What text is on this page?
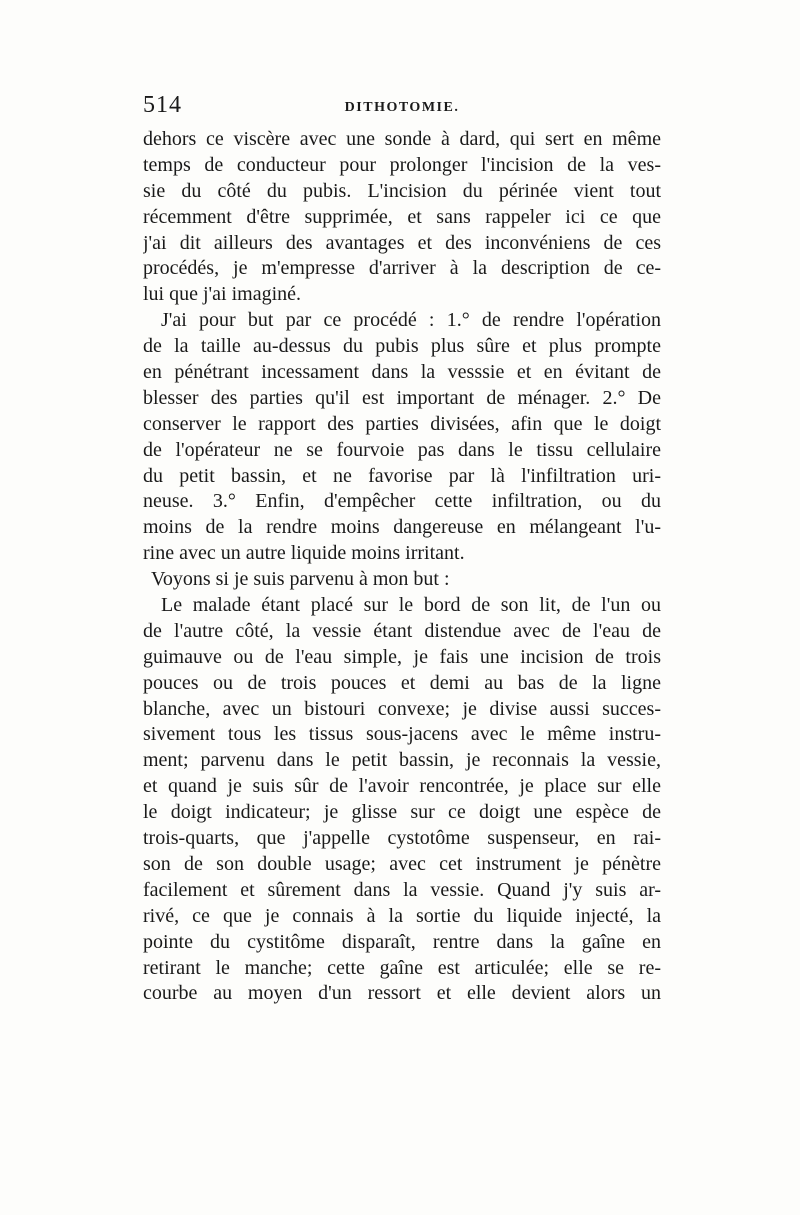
514	DITHOTOMIE.
dehors ce viscère avec une sonde à dard, qui sert en même
temps de conducteur pour prolonger l'incision de la ves-
sie du côté du pubis. L'incision du périnée vient tout
récemment d'être supprimée, et sans rappeler ici ce que
j'ai dit ailleurs des avantages et des inconvéniens de ces
procédés, je m'empresse d'arriver à la description de ce-
lui que j'ai imaginé.
J'ai pour but par ce procédé : 1.° de rendre l'opération
de la taille au-dessus du pubis plus sûre et plus prompte
en pénétrant incessament dans la vesssie et en évitant de
blesser des parties qu'il est important de ménager. 2.° De
conserver le rapport des parties divisées, afin que le doigt
de l'opérateur ne se fourvoie pas dans le tissu cellulaire
du petit bassin, et ne favorise par là l'infiltration uri-
neuse. 3.° Enfin, d'empêcher cette infiltration, ou du
moins de la rendre moins dangereuse en mélangeant l'u-
rine avec un autre liquide moins irritant.
Voyons si je suis parvenu à mon but :
Le malade étant placé sur le bord de son lit, de l'un ou
de l'autre côté, la vessie étant distendue avec de l'eau de
guimauve ou de l'eau simple, je fais une incision de trois
pouces ou de trois pouces et demi au bas de la ligne
blanche, avec un bistouri convexe; je divise aussi succes-
sivement tous les tissus sous-jacens avec le même instru-
ment; parvenu dans le petit bassin, je reconnais la vessie,
et quand je suis sûr de l'avoir rencontrée, je place sur elle
le doigt indicateur; je glisse sur ce doigt une espèce de
trois-quarts, que j'appelle cystotôme suspenseur, en rai-
son de son double usage; avec cet instrument je pénètre
facilement et sûrement dans la vessie. Quand j'y suis ar-
rivé, ce que je connais à la sortie du liquide injecté, la
pointe du cystitôme disparaît, rentre dans la gaîne en
retirant le manche; cette gaîne est articulée; elle se re-
courbe au moyen d'un ressort et elle devient alors un
